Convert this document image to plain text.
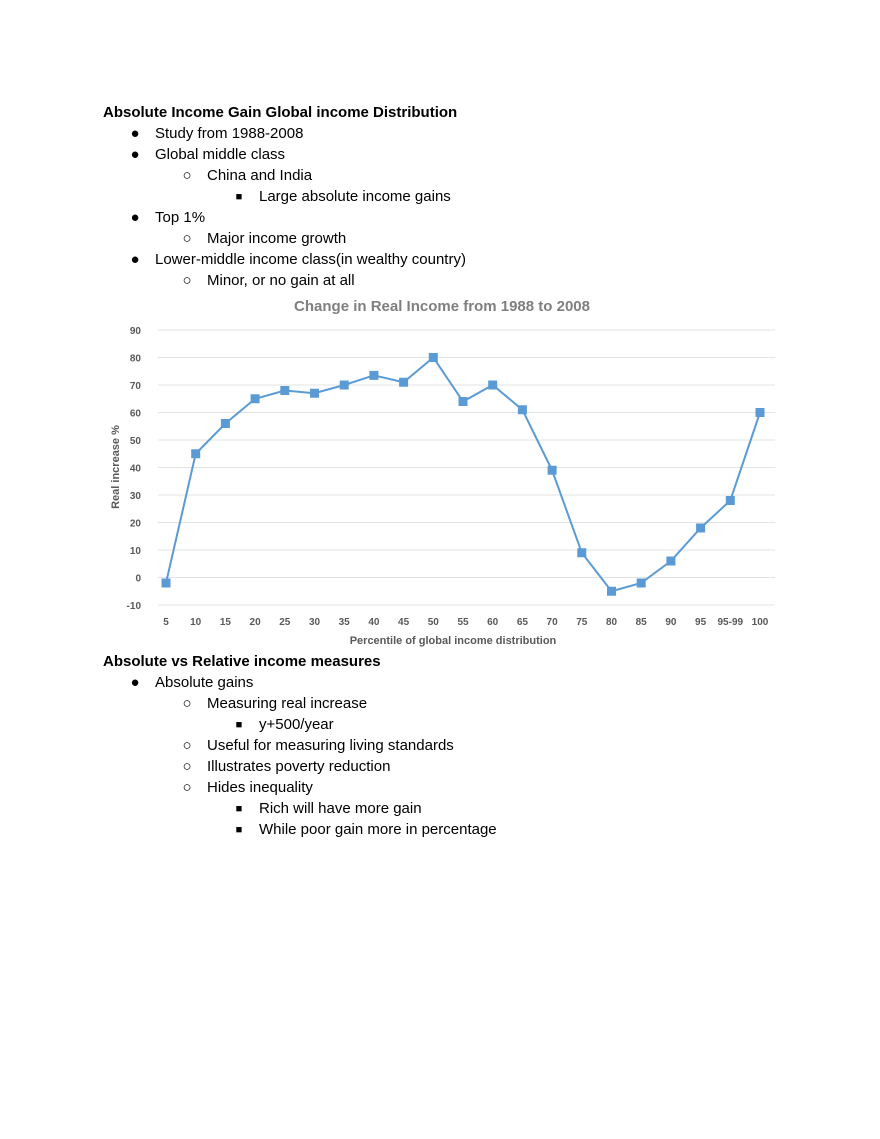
Absolute Income Gain Global income Distribution
● Study from 1988-2008
● Global middle class
○ China and India
■ Large absolute income gains
● Top 1%
○ Major income growth
● Lower-middle income class(in wealthy country)
○ Minor, or no gain at all
Change in Real Income from 1988 to 2008
90
80
70
60
50
40
30
20
10
0
-10
5 10 15 20 25 30 35 40 45 50 55 60 65 70 75 80 85 90 95 95-99 100
Real increase %
Percentile of global income distribution
Absolute vs Relative income measures
● Absolute gains
○ Measuring real increase
■ y+500/year
○ Useful for measuring living standards
○ Illustrates poverty reduction
○ Hides inequality
■ Rich will have more gain
■ While poor gain more in percentage
